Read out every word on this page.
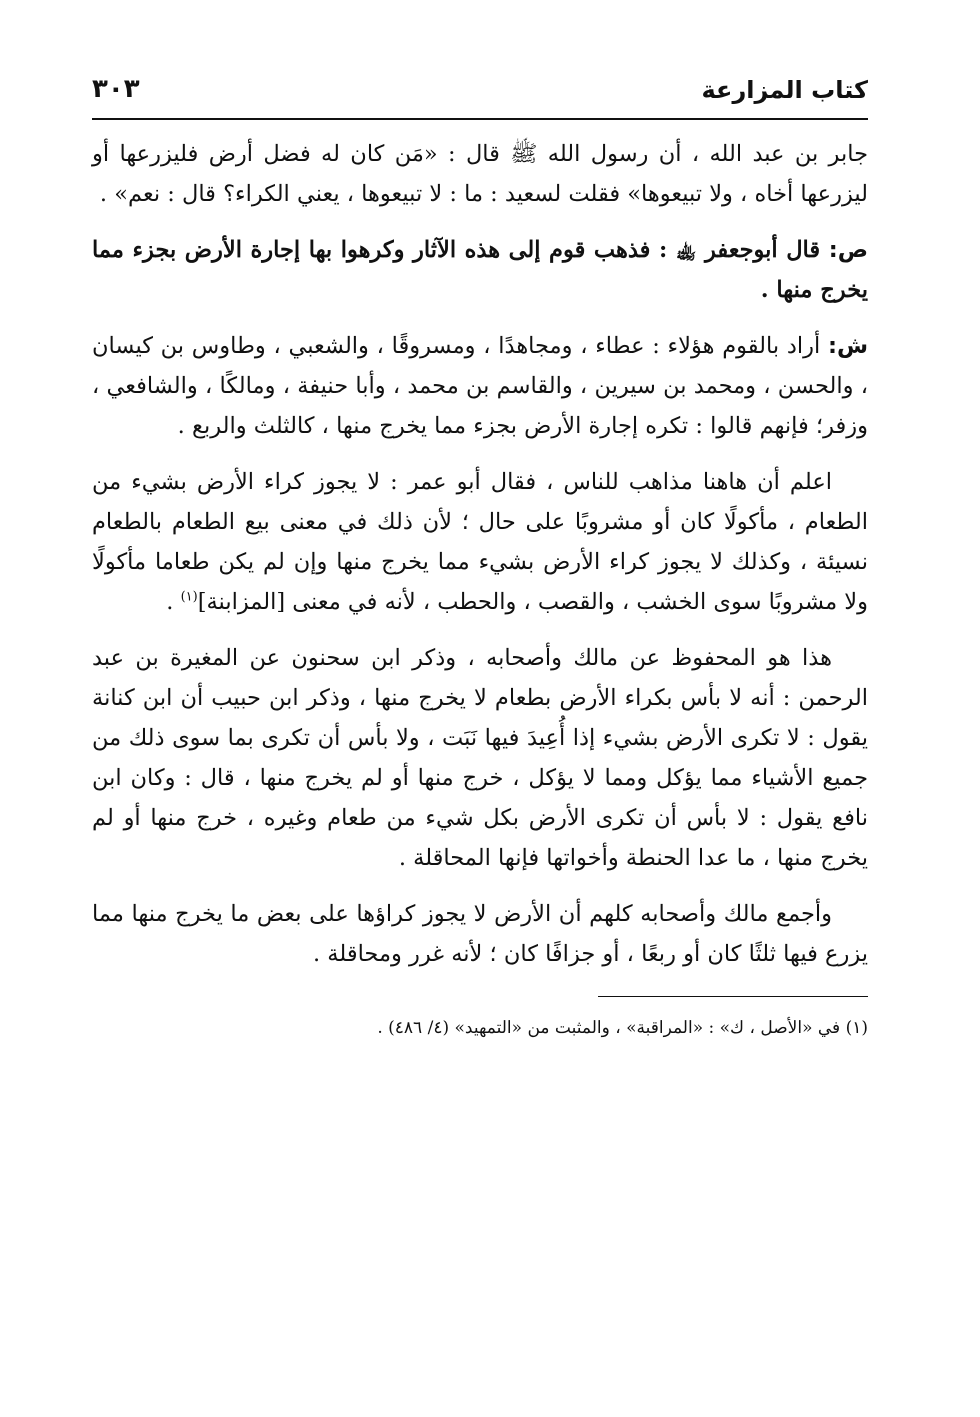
كتاب المزارعة
٣٠٣

جابر بن عبد الله ، أن رسول الله ﷺ قال : «مَن كان له فضل أرض فليزرعها أو ليزرعها أخاه ، ولا تبيعوها» فقلت لسعيد : ما : لا تبيعوها ، يعني الكراء؟ قال : نعم» .

ص: قال أبوجعفر ﵀ : فذهب قوم إلى هذه الآثار وكرهوا بها إجارة الأرض بجزء مما يخرج منها .

ش: أراد بالقوم هؤلاء : عطاء ، ومجاهدًا ، ومسروقًا ، والشعبي ، وطاوس بن كيسان ، والحسن ، ومحمد بن سيرين ، والقاسم بن محمد ، وأبا حنيفة ، ومالكًا ، والشافعي ، وزفر؛ فإنهم قالوا : تكره إجارة الأرض بجزء مما يخرج منها ، كالثلث والربع .

اعلم أن هاهنا مذاهب للناس ، فقال أبو عمر : لا يجوز كراء الأرض بشيء من الطعام ، مأكولًا كان أو مشروبًا على حال ؛ لأن ذلك في معنى بيع الطعام بالطعام نسيئة ، وكذلك لا يجوز كراء الأرض بشيء مما يخرج منها وإن لم يكن طعاما مأكولًا ولا مشروبًا سوى الخشب ، والقصب ، والحطب ، لأنه في معنى [المزابنة]$^{(١)}$ .

هذا هو المحفوظ عن مالك وأصحابه ، وذكر ابن سحنون عن المغيرة بن عبد الرحمن : أنه لا بأس بكراء الأرض بطعام لا يخرج منها ، وذكر ابن حبيب أن ابن كنانة يقول : لا تكرى الأرض بشيء إذا أُعِيدَ فيها نَبَت ، ولا بأس أن تكرى بما سوى ذلك من جميع الأشياء مما يؤكل ومما لا يؤكل ، خرج منها أو لم يخرج منها ، قال : وكان ابن نافع يقول : لا بأس أن تكرى الأرض بكل شيء من طعام وغيره ، خرج منها أو لم يخرج منها ، ما عدا الحنطة وأخواتها فإنها المحاقلة .

وأجمع مالك وأصحابه كلهم أن الأرض لا يجوز كراؤها على بعض ما يخرج منها مما يزرع فيها ثلثًا كان أو ربعًا ، أو جزافًا كان ؛ لأنه غرر ومحاقلة .

(١) في «الأصل ، ك» : «المراقبة» ، والمثبت من «التمهيد» (٤/ ٤٨٦) .
